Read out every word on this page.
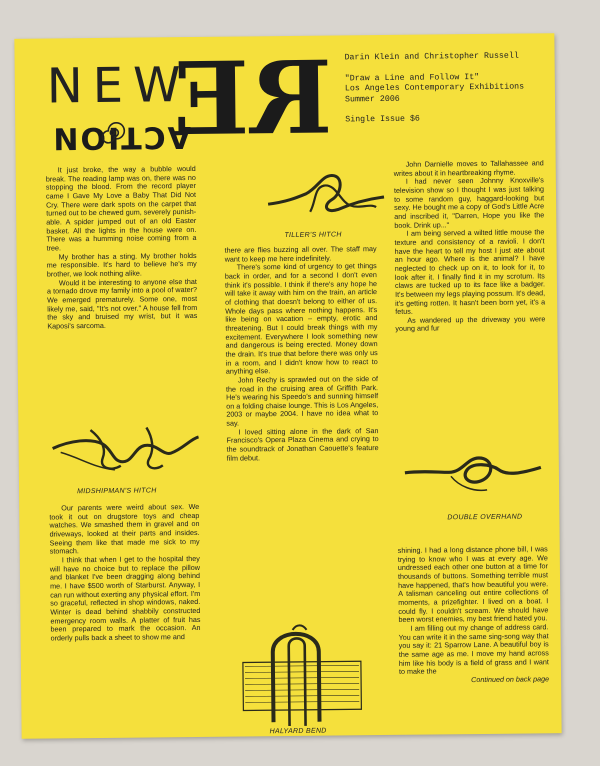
NEW
RE
ACTION
Darin Klein and Christopher Russell
"Draw a Line and Follow It"
Los Angeles Contemporary Exhibitions
Summer 2006
Single Issue $6

It just broke, the way a bubble would break. The reading lamp was on, there was no stopping the blood. From the record player came I Gave My Love a Baby That Did Not Cry. There were dark spots on the carpet that turned out to be chewed gum, severely punish-able. A spider jumped out of an old Easter basket. All the lights in the house were on. There was a humming noise coming from a tree.

My brother has a sting. My brother holds me responsible. It's hard to believe he's my brother, we look nothing alike.

Would it be interesting to anyone else that a tornado drove my family into a pool of water? We emerged prematurely. Some one, most likely me, said, "It's not over." A house fell from the sky and bruised my wrist, but it was Kaposi's sarcoma.

MIDSHIPMAN'S HITCH

Our parents were weird about sex. We took it out on drugstore toys and cheap watches. We smashed them in gravel and on driveways, looked at their parts and insides. Seeing them like that made me sick to my stomach.

I think that when I get to the hospital they will have no choice but to replace the pillow and blanket I've been dragging along behind me. I have $500 worth of Starburst. Anyway, I can run without exerting any physical effort. I'm so graceful, reflected in shop windows, naked. Winter is dead behind shabbily constructed emergency room walls. A platter of fruit has been prepared to mark the occasion. An orderly pulls back a sheet to show me and

TILLER'S HITCH

there are flies buzzing all over. The staff may want to keep me here indefinitely.

There's some kind of urgency to get things back in order, and for a second I don't even think it's possible. I think if there's any hope he will take it away with him on the train, an article of clothing that doesn't belong to either of us. Whole days pass where nothing happens. It's like being on vacation – empty, erotic and threatening. But I could break things with my excitement. Everywhere I look something new and dangerous is being erected. Money down the drain. It's true that before there was only us in a room, and I didn't know how to react to anything else.

John Rechy is sprawled out on the side of the road in the cruising area of Griffith Park. He's wearing his Speedo's and sunning himself on a folding chaise lounge. This is Los Angeles, 2003 or maybe 2004. I have no idea what to say.

I loved sitting alone in the dark of San Francisco's Opera Plaza Cinema and crying to the soundtrack of Jonathan Caouette's feature film debut.

HALYARD BEND

John Darnielle moves to Tallahassee and writes about it in heartbreaking rhyme.

I had never seen Johnny Knoxville's television show so I thought I was just talking to some random guy, haggard-looking but sexy. He bought me a copy of God's Little Acre and inscribed it, "Darren, Hope you like the book. Drink up..."

I am being served a wilted little mouse the texture and consistency of a ravioli. I don't have the heart to tell my host I just ate about an hour ago. Where is the animal? I have neglected to check up on it, to look for it, to look after it. I finally find it in my scrotum. Its claws are tucked up to its face like a badger. It's between my legs playing possum. It's dead, it's getting rotten. It hasn't been born yet, it's a fetus.

As wandered up the driveway you were young and fur

DOUBLE OVERHAND

shining. I had a long distance phone bill, I was trying to know who I was at every age. We undressed each other one button at a time for thousands of buttons. Something terrible must have happened, that's how beautiful you were. A talisman canceling out entire collections of moments, a prizefighter. I lived on a boat. I could fly. I couldn't scream. We should have been worst enemies, my best friend hated you.

I am filling out my change of address card. You can write it in the same sing-song way that you say it: 21 Sparrow Lane. A beautiful boy is the same age as me. I move my hand across him like his body is a field of grass and I want to make the

Continued on back page
